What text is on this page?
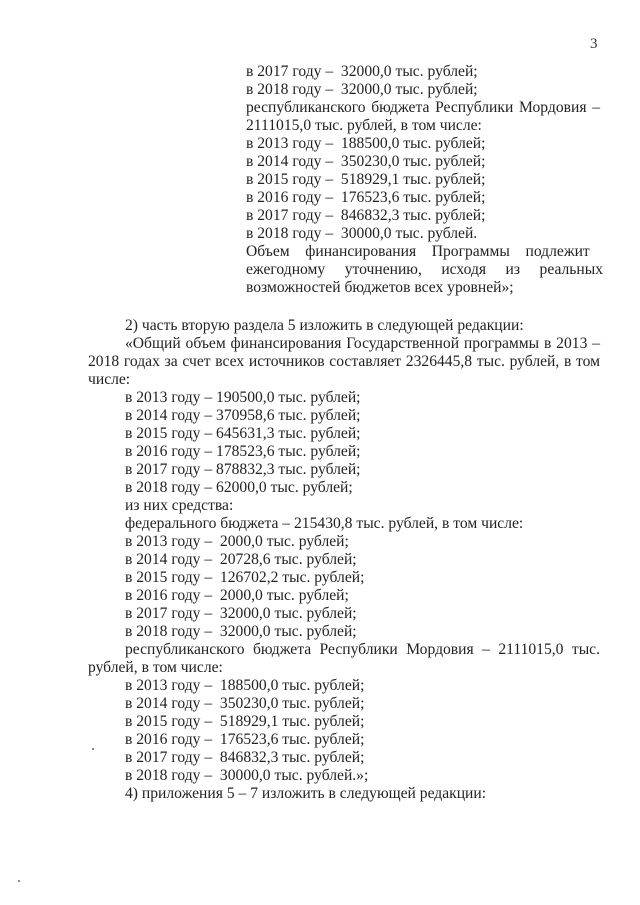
3
в 2017 году –  32000,0 тыс. рублей;
в 2018 году –  32000,0 тыс. рублей;
республиканского бюджета Республики Мордовия –
2111015,0 тыс. рублей, в том числе:
в 2013 году –  188500,0 тыс. рублей;
в 2014 году –  350230,0 тыс. рублей;
в 2015 году –  518929,1 тыс. рублей;
в 2016 году –  176523,6 тыс. рублей;
в 2017 году –  846832,3 тыс. рублей;
в 2018 году –  30000,0 тыс. рублей.
Объем    финансирования    Программы    подлежит
ежегодному     уточнению,     исходя     из     реальных
возможностей бюджетов всех уровней»;
2) часть вторую раздела 5 изложить в следующей редакции:
«Общий объем финансирования Государственной программы в 2013 –
2018 годах за счет всех источников составляет 2326445,8 тыс. рублей, в том
числе:
в 2013 году – 190500,0 тыс. рублей;
в 2014 году – 370958,6 тыс. рублей;
в 2015 году – 645631,3 тыс. рублей;
в 2016 году – 178523,6 тыс. рублей;
в 2017 году – 878832,3 тыс. рублей;
в 2018 году – 62000,0 тыс. рублей;
из них средства:
федерального бюджета – 215430,8 тыс. рублей, в том числе:
в 2013 году –  2000,0 тыс. рублей;
в 2014 году –  20728,6 тыс. рублей;
в 2015 году –  126702,2 тыс. рублей;
в 2016 году –  2000,0 тыс. рублей;
в 2017 году –  32000,0 тыс. рублей;
в 2018 году –  32000,0 тыс. рублей;
республиканского бюджета Республики Мордовия – 2111015,0 тыс.
рублей, в том числе:
в 2013 году –  188500,0 тыс. рублей;
в 2014 году –  350230,0 тыс. рублей;
в 2015 году –  518929,1 тыс. рублей;
в 2016 году –  176523,6 тыс. рублей;
в 2017 году –  846832,3 тыс. рублей;
в 2018 году –  30000,0 тыс. рублей.»;
4) приложения 5 – 7 изложить в следующей редакции:
